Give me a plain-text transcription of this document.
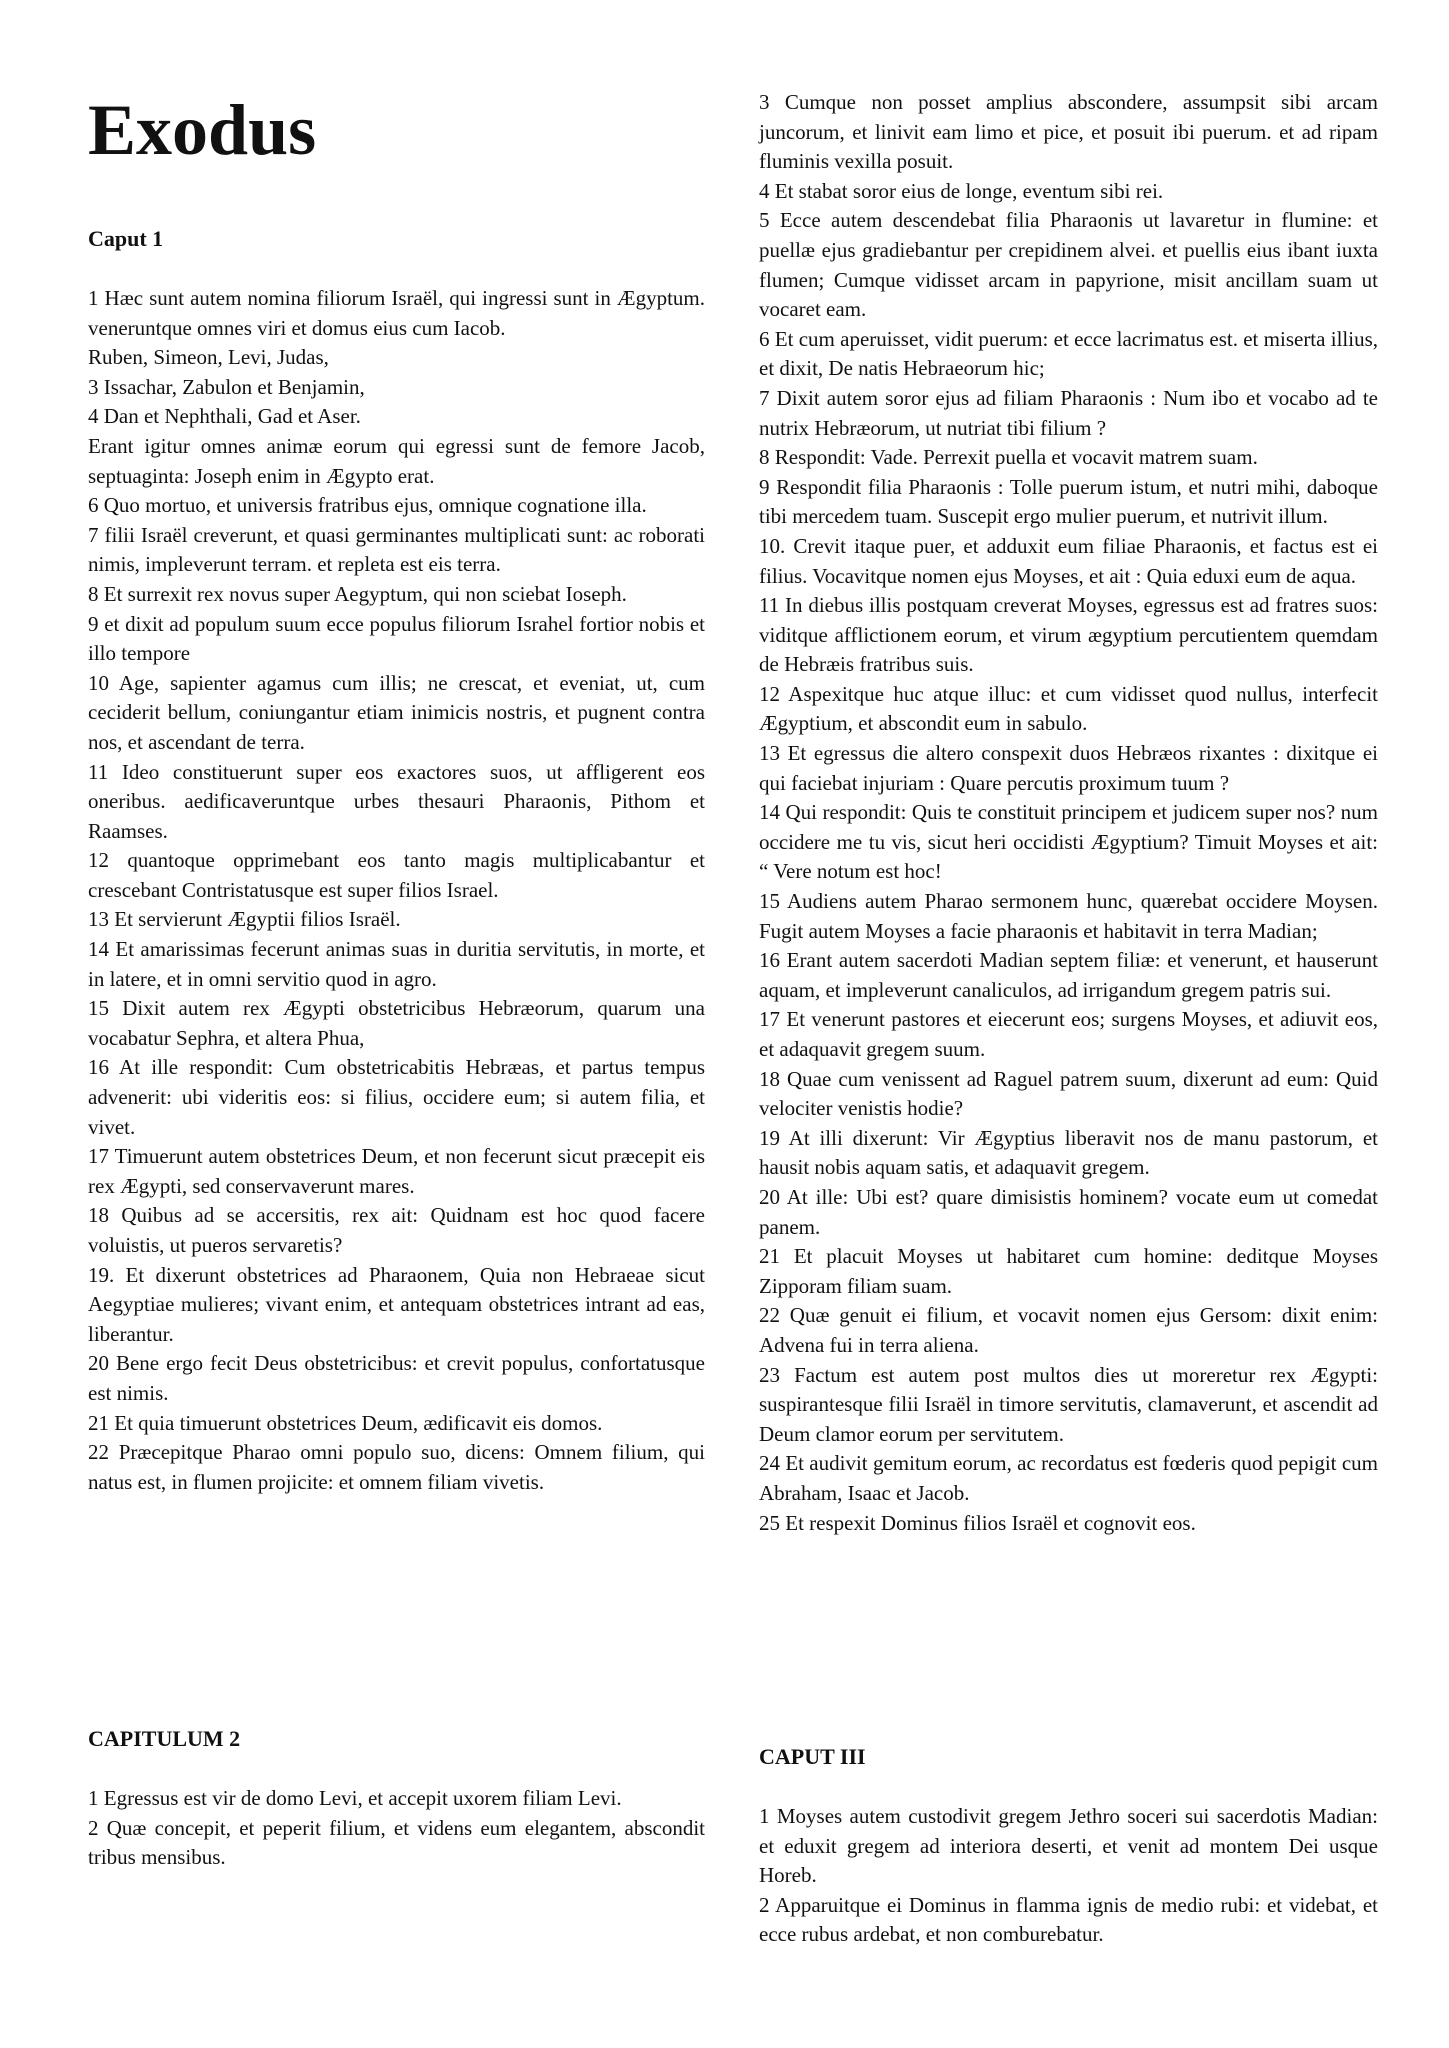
Exodus
Caput 1
1 Hæc sunt autem nomina filiorum Israël, qui ingressi sunt in Ægyptum. veneruntque omnes viri et domus eius cum Iacob.
Ruben, Simeon, Levi, Judas,
3 Issachar, Zabulon et Benjamin,
4 Dan et Nephthali, Gad et Aser.
Erant igitur omnes animæ eorum qui egressi sunt de femore Jacob, septuaginta: Joseph enim in Ægypto erat.
6 Quo mortuo, et universis fratribus ejus, omnique cognatione illa.
7 filii Israël creverunt, et quasi germinantes multiplicati sunt: ac roborati nimis, impleverunt terram. et repleta est eis terra.
8 Et surrexit rex novus super Aegyptum, qui non sciebat Ioseph.
9 et dixit ad populum suum ecce populus filiorum Israhel fortior nobis et illo tempore
10 Age, sapienter agamus cum illis; ne crescat, et eveniat, ut, cum ceciderit bellum, coniungantur etiam inimicis nostris, et pugnent contra nos, et ascendant de terra.
11 Ideo constituerunt super eos exactores suos, ut affligerent eos oneribus. aedificaveruntque urbes thesauri Pharaonis, Pithom et Raamses.
12 quantoque opprimebant eos tanto magis multiplicabantur et crescebant Contristatusque est super filios Israel.
13 Et servierunt Ægyptii filios Israël.
14 Et amarissimas fecerunt animas suas in duritia servitutis, in morte, et in latere, et in omni servitio quod in agro.
15 Dixit autem rex Ægypti obstetricibus Hebræorum, quarum una vocabatur Sephra, et altera Phua,
16 At ille respondit: Cum obstetricabitis Hebræas, et partus tempus advenerit: ubi videritis eos: si filius, occidere eum; si autem filia, et vivet.
17 Timuerunt autem obstetrices Deum, et non fecerunt sicut præcepit eis rex Ægypti, sed conservaverunt mares.
18 Quibus ad se accersitis, rex ait: Quidnam est hoc quod facere voluistis, ut pueros servaretis?
19. Et dixerunt obstetrices ad Pharaonem, Quia non Hebraeae sicut Aegyptiae mulieres; vivant enim, et antequam obstetrices intrant ad eas, liberantur.
20 Bene ergo fecit Deus obstetricibus: et crevit populus, confortatusque est nimis.
21 Et quia timuerunt obstetrices Deum, ædificavit eis domos.
22 Præcepitque Pharao omni populo suo, dicens: Omnem filium, qui natus est, in flumen projicite: et omnem filiam vivetis.
CAPITULUM 2
1 Egressus est vir de domo Levi, et accepit uxorem filiam Levi.
2 Quæ concepit, et peperit filium, et videns eum elegantem, abscondit tribus mensibus.
3 Cumque non posset amplius abscondere, assumpsit sibi arcam juncorum, et linivit eam limo et pice, et posuit ibi puerum. et ad ripam fluminis vexilla posuit.
4 Et stabat soror eius de longe, eventum sibi rei.
5 Ecce autem descendebat filia Pharaonis ut lavaretur in flumine: et puellæ ejus gradiebantur per crepidinem alvei. et puellis eius ibant iuxta flumen; Cumque vidisset arcam in papyrione, misit ancillam suam ut vocaret eam.
6 Et cum aperuisset, vidit puerum: et ecce lacrimatus est. et miserta illius, et dixit, De natis Hebraeorum hic;
7 Dixit autem soror ejus ad filiam Pharaonis : Num ibo et vocabo ad te nutrix Hebræorum, ut nutriat tibi filium ?
8 Respondit: Vade. Perrexit puella et vocavit matrem suam.
9 Respondit filia Pharaonis : Tolle puerum istum, et nutri mihi, daboque tibi mercedem tuam. Suscepit ergo mulier puerum, et nutrivit illum.
10. Crevit itaque puer, et adduxit eum filiae Pharaonis, et factus est ei filius. Vocavitque nomen ejus Moyses, et ait : Quia eduxi eum de aqua.
11 In diebus illis postquam creverat Moyses, egressus est ad fratres suos: viditque afflictionem eorum, et virum ægyptium percutientem quemdam de Hebræis fratribus suis.
12 Aspexitque huc atque illuc: et cum vidisset quod nullus, interfecit Ægyptium, et abscondit eum in sabulo.
13 Et egressus die altero conspexit duos Hebræos rixantes : dixitque ei qui faciebat injuriam : Quare percutis proximum tuum ?
14 Qui respondit: Quis te constituit principem et judicem super nos? num occidere me tu vis, sicut heri occidisti Ægyptium? Timuit Moyses et ait: “ Vere notum est hoc!
15 Audiens autem Pharao sermonem hunc, quærebat occidere Moysen. Fugit autem Moyses a facie pharaonis et habitavit in terra Madian;
16 Erant autem sacerdoti Madian septem filiæ: et venerunt, et hauserunt aquam, et impleverunt canaliculos, ad irrigandum gregem patris sui.
17 Et venerunt pastores et eiecerunt eos; surgens Moyses, et adiuvit eos, et adaquavit gregem suum.
18 Quae cum venissent ad Raguel patrem suum, dixerunt ad eum: Quid velociter venistis hodie?
19 At illi dixerunt: Vir Ægyptius liberavit nos de manu pastorum, et hausit nobis aquam satis, et adaquavit gregem.
20 At ille: Ubi est? quare dimisistis hominem? vocate eum ut comedat panem.
21 Et placuit Moyses ut habitaret cum homine: deditque Moyses Zipporam filiam suam.
22 Quæ genuit ei filium, et vocavit nomen ejus Gersom: dixit enim: Advena fui in terra aliena.
23 Factum est autem post multos dies ut moreretur rex Ægypti: suspirantesque filii Israël in timore servitutis, clamaverunt, et ascendit ad Deum clamor eorum per servitutem.
24 Et audivit gemitum eorum, ac recordatus est fœderis quod pepigit cum Abraham, Isaac et Jacob.
25 Et respexit Dominus filios Israël et cognovit eos.
CAPUT III
1 Moyses autem custodivit gregem Jethro soceri sui sacerdotis Madian: et eduxit gregem ad interiora deserti, et venit ad montem Dei usque Horeb.
2 Apparuitque ei Dominus in flamma ignis de medio rubi: et videbat, et ecce rubus ardebat, et non comburebatur.
